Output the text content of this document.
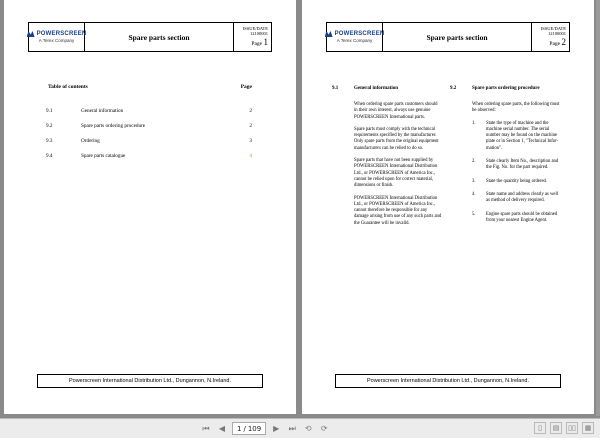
POWERSCREEN
A Terex Company	Spare parts section
ISSUE/DATE
12100001
Page 1
Table of contents	Page
9.1	General information	2
9.2	Spare parts ordering procedure	2
9.3	Ordering	3
9.4	Spare parts catalogue	4
Powerscreen International Distribution Ltd., Dungannon, N.Ireland.
POWERSCREEN
A Terex Company	Spare parts section
ISSUE/DATE
12100001
Page 2
9.1	General information

When ordering spare parts customers should in their own interest, always use genuine POWERSCREEN International parts.

Spare parts must comply with the technical requirements specified by the manufacturer. Only spare parts from the original equipment manufacturers can be relied to do so.

Spare parts that have not been supplied by POWERSCREEN International Distribution Ltd., or POWERSCREEN of America Inc., cannot be relied upon for correct material, dimensions or finish.

POWERSCREEN International Distribution Ltd., or POWERSCREEN of America Inc., cannot therefore be responsible for any damage arising from use of any such parts and the Guarantee will be invalid.

9.2	Spare parts ordering procedure

When ordering spare parts, the following must be observed:

1.	State the type of machine and the machine serial number. The serial number may be found on the machine plate or in Section 1, "Technical Infor- mation".
2.	State clearly Item No., description and the Fig. No. for the part required.
3.	State the quantity being ordered.
4.	State name and address clearly as well as method of delivery required.
5.	Engine spare parts should be obtained from your nearest Engine Agent.
Powerscreen International Distribution Ltd., Dungannon, N.Ireland.
⏮	◀	1 / 109	▶	⏭	⟲	⟳	▯	▤	▯▯	▦
